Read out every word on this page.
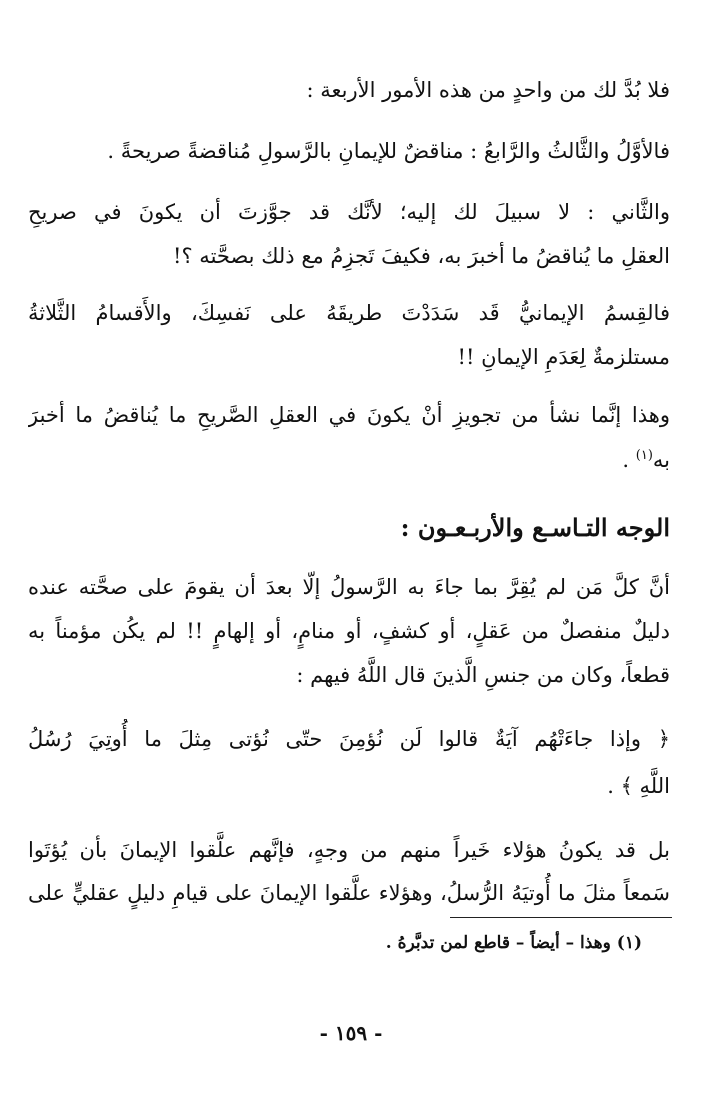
فلا بُدَّ لك من واحدٍ من هذه الأمور الأربعة :
فالأوَّلُ والثَّالثُ والرَّابعُ : مناقضٌ للإيمانِ بالرَّسولِ مُناقضةً صريحةً .
والثَّاني : لا سبيلَ لك إليه؛ لأنَّك قد جوَّزتَ أن يكونَ في صريحِ
العقلِ ما يُناقضُ ما أخبرَ به، فكيفَ تَجزِمُ مع ذلك بصحَّته ؟!
فالقِسمُ الإيمانيُّ قَد سَدَدْتَ طريقَهُ على نَفسِكَ، والأَقسامُ الثَّلاثةُ
مستلزمةٌ لِعَدَمِ الإيمانِ !!
وهذا إنَّما نشأ من تجويزِ أنْ يكونَ في العقلِ الصَّريحِ ما يُناقضُ ما أخبرَ
به$^{(١)}$ .
الوجه التـاسـع والأربـعـون :
أنَّ كلَّ مَن لم يُقِرَّ بما جاءَ به الرَّسولُ إلّا بعدَ أن يقومَ على صحَّته عنده
دليلٌ منفصلٌ من عَقلٍ، أو كشفٍ، أو منامٍ، أو إلهامٍ !! لم يكُن مؤمناً به
قطعاً، وكان من جنسِ الَّذينَ قال اللَّهُ فيهم :
﴿ وإذا جاءَتْهُم آيَةٌ قالوا لَن نُؤمِنَ حتّى نُؤتى مِثلَ ما أُوتِيَ رُسُلُ
اللَّهِ ﴾ .
بل قد يكونُ هؤلاء خَيراً منهم من وجهٍ، فإنَّهم علَّقوا الإيمانَ بأن يُؤتَوا
سَمعاً مثلَ ما أُوتيَهُ الرُّسلُ، وهؤلاء علَّقوا الإيمانَ على قيامِ دليلٍ عقليٍّ على
(١) وهذا – أيضاً – قاطع لمن تدبَّرهُ .
- ١٥٩ -
